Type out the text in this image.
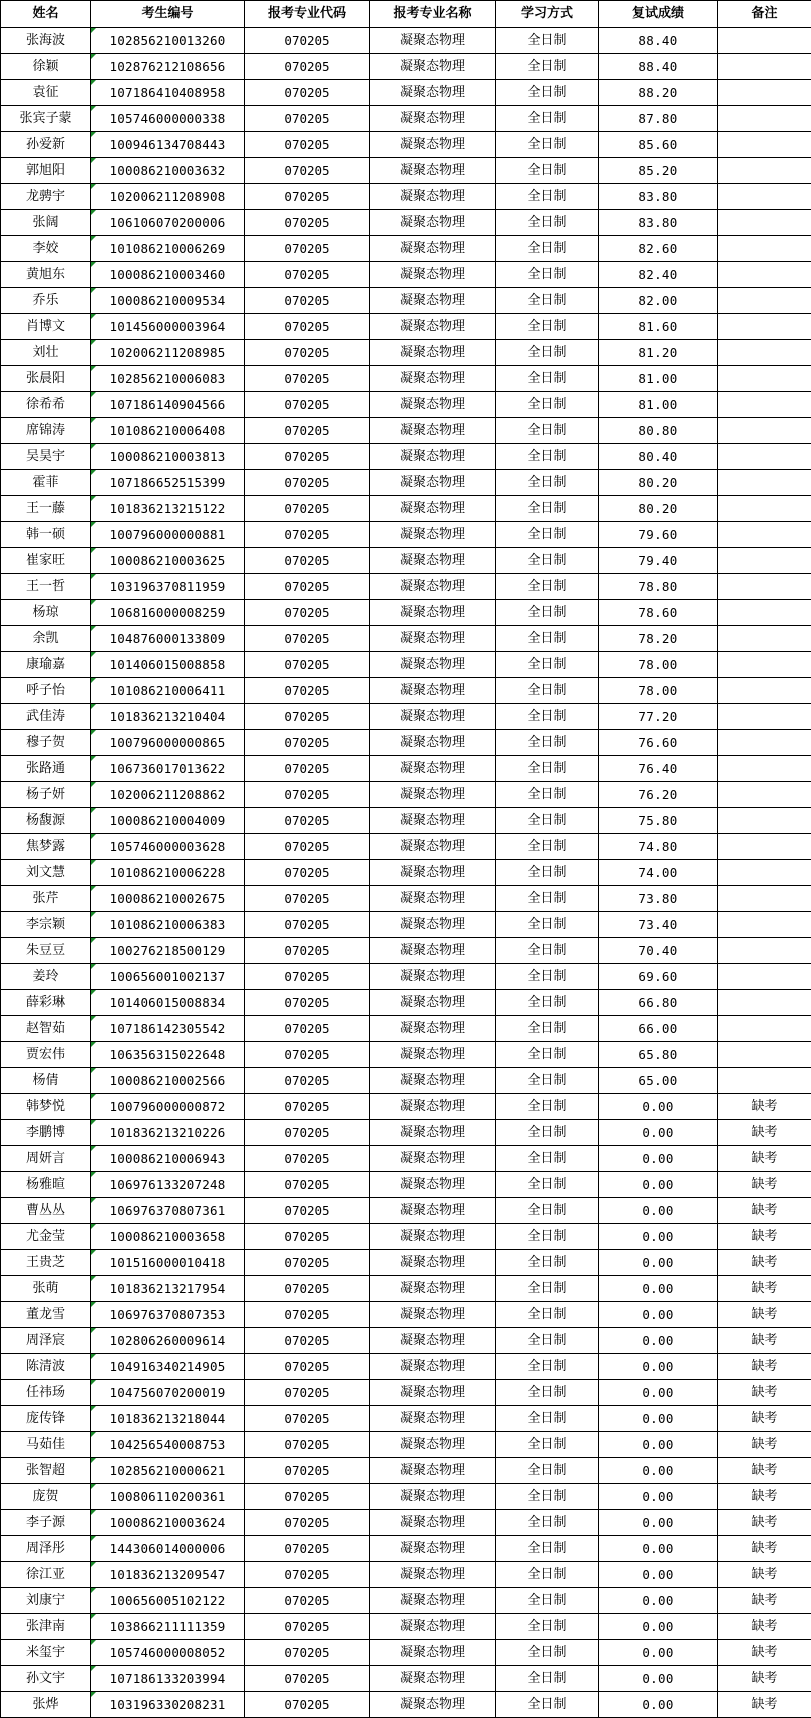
姓名	考生编号	报考专业代码	报考专业名称	学习方式	复试成绩	备注
张海波	102856210013260	070205	凝聚态物理	全日制	88.40	
徐颖	102876212108656	070205	凝聚态物理	全日制	88.40	
袁征	107186410408958	070205	凝聚态物理	全日制	88.20	
张宾子蒙	105746000000338	070205	凝聚态物理	全日制	87.80	
孙爱新	100946134708443	070205	凝聚态物理	全日制	85.60	
郭旭阳	100086210003632	070205	凝聚态物理	全日制	85.20	
龙骋宇	102006211208908	070205	凝聚态物理	全日制	83.80	
张阔	106106070200006	070205	凝聚态物理	全日制	83.80	
李姣	101086210006269	070205	凝聚态物理	全日制	82.60	
黄旭东	100086210003460	070205	凝聚态物理	全日制	82.40	
乔乐	100086210009534	070205	凝聚态物理	全日制	82.00	
肖博文	101456000003964	070205	凝聚态物理	全日制	81.60	
刘壮	102006211208985	070205	凝聚态物理	全日制	81.20	
张晨阳	102856210006083	070205	凝聚态物理	全日制	81.00	
徐希希	107186140904566	070205	凝聚态物理	全日制	81.00	
席锦涛	101086210006408	070205	凝聚态物理	全日制	80.80	
吴昊宇	100086210003813	070205	凝聚态物理	全日制	80.40	
霍菲	107186652515399	070205	凝聚态物理	全日制	80.20	
王一藤	101836213215122	070205	凝聚态物理	全日制	80.20	
韩一硕	100796000000881	070205	凝聚态物理	全日制	79.60	
崔家旺	100086210003625	070205	凝聚态物理	全日制	79.40	
王一哲	103196370811959	070205	凝聚态物理	全日制	78.80	
杨琼	106816000008259	070205	凝聚态物理	全日制	78.60	
余凯	104876000133809	070205	凝聚态物理	全日制	78.20	
康瑜嘉	101406015008858	070205	凝聚态物理	全日制	78.00	
呼子怡	101086210006411	070205	凝聚态物理	全日制	78.00	
武佳涛	101836213210404	070205	凝聚态物理	全日制	77.20	
穆子贺	100796000000865	070205	凝聚态物理	全日制	76.60	
张路通	106736017013622	070205	凝聚态物理	全日制	76.40	
杨子妍	102006211208862	070205	凝聚态物理	全日制	76.20	
杨馥源	100086210004009	070205	凝聚态物理	全日制	75.80	
焦梦露	105746000003628	070205	凝聚态物理	全日制	74.80	
刘文慧	101086210006228	070205	凝聚态物理	全日制	74.00	
张芹	100086210002675	070205	凝聚态物理	全日制	73.80	
李宗颖	101086210006383	070205	凝聚态物理	全日制	73.40	
朱豆豆	100276218500129	070205	凝聚态物理	全日制	70.40	
姜玲	100656001002137	070205	凝聚态物理	全日制	69.60	
薛彩琳	101406015008834	070205	凝聚态物理	全日制	66.80	
赵智茹	107186142305542	070205	凝聚态物理	全日制	66.00	
贾宏伟	106356315022648	070205	凝聚态物理	全日制	65.80	
杨倩	100086210002566	070205	凝聚态物理	全日制	65.00	
韩梦悦	100796000000872	070205	凝聚态物理	全日制	0.00	缺考
李鹏博	101836213210226	070205	凝聚态物理	全日制	0.00	缺考
周妍言	100086210006943	070205	凝聚态物理	全日制	0.00	缺考
杨雅暄	106976133207248	070205	凝聚态物理	全日制	0.00	缺考
曹丛丛	106976370807361	070205	凝聚态物理	全日制	0.00	缺考
尤金莹	100086210003658	070205	凝聚态物理	全日制	0.00	缺考
王贵芝	101516000010418	070205	凝聚态物理	全日制	0.00	缺考
张萌	101836213217954	070205	凝聚态物理	全日制	0.00	缺考
董龙雪	106976370807353	070205	凝聚态物理	全日制	0.00	缺考
周泽宸	102806260009614	070205	凝聚态物理	全日制	0.00	缺考
陈清波	104916340214905	070205	凝聚态物理	全日制	0.00	缺考
任祎玚	104756070200019	070205	凝聚态物理	全日制	0.00	缺考
庞传锋	101836213218044	070205	凝聚态物理	全日制	0.00	缺考
马茹佳	104256540008753	070205	凝聚态物理	全日制	0.00	缺考
张智超	102856210000621	070205	凝聚态物理	全日制	0.00	缺考
庞贺	100806110200361	070205	凝聚态物理	全日制	0.00	缺考
李子源	100086210003624	070205	凝聚态物理	全日制	0.00	缺考
周泽彤	144306014000006	070205	凝聚态物理	全日制	0.00	缺考
徐江亚	101836213209547	070205	凝聚态物理	全日制	0.00	缺考
刘康宁	100656005102122	070205	凝聚态物理	全日制	0.00	缺考
张津南	103866211111359	070205	凝聚态物理	全日制	0.00	缺考
米玺宇	105746000008052	070205	凝聚态物理	全日制	0.00	缺考
孙文宇	107186133203994	070205	凝聚态物理	全日制	0.00	缺考
张烨	103196330208231	070205	凝聚态物理	全日制	0.00	缺考
